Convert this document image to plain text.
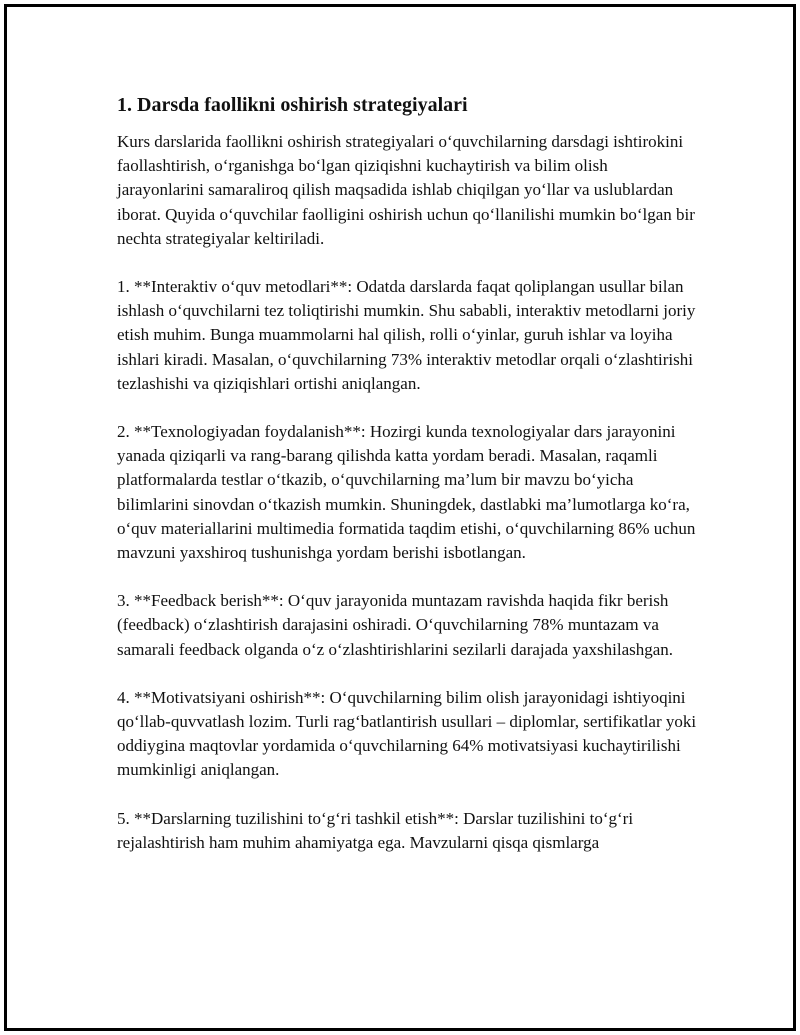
1. Darsda faollikni oshirish strategiyalari

Kurs darslarida faollikni oshirish strategiyalari o‘quvchilarning darsdagi ishtirokini faollashtirish, o‘rganishga bo‘lgan qiziqishni kuchaytirish va bilim olish jarayonlarini samaraliroq qilish maqsadida ishlab chiqilgan yo‘llar va uslublardan iborat. Quyida o‘quvchilar faolligini oshirish uchun qo‘llanilishi mumkin bo‘lgan bir nechta strategiyalar keltiriladi.

1. **Interaktiv o‘quv metodlari**: Odatda darslarda faqat qoliplangan usullar bilan ishlash o‘quvchilarni tez toliqtirishi mumkin. Shu sababli, interaktiv metodlarni joriy etish muhim. Bunga muammolarni hal qilish, rolli o‘yinlar, guruh ishlar va loyiha ishlari kiradi. Masalan, o‘quvchilarning 73% interaktiv metodlar orqali o‘zlashtirishi tezlashishi va qiziqishlari ortishi aniqlangan.

2. **Texnologiyadan foydalanish**: Hozirgi kunda texnologiyalar dars jarayonini yanada qiziqarli va rang-barang qilishda katta yordam beradi. Masalan, raqamli platformalarda testlar o‘tkazib, o‘quvchilarning ma’lum bir mavzu bo‘yicha bilimlarini sinovdan o‘tkazish mumkin. Shuningdek, dastlabki ma’lumotlarga ko‘ra, o‘quv materiallarini multimedia formatida taqdim etishi, o‘quvchilarning 86% uchun mavzuni yaxshiroq tushunishga yordam berishi isbotlangan.

3. **Feedback berish**: O‘quv jarayonida muntazam ravishda haqida fikr berish (feedback) o‘zlashtirish darajasini oshiradi. O‘quvchilarning 78% muntazam va samarali feedback olganda o‘z o‘zlashtirishlarini sezilarli darajada yaxshilashgan.

4. **Motivatsiyani oshirish**: O‘quvchilarning bilim olish jarayonidagi ishtiyoqini qo‘llab-quvvatlash lozim. Turli rag‘batlantirish usullari – diplomlar, sertifikatlar yoki oddiygina maqtovlar yordamida o‘quvchilarning 64% motivatsiyasi kuchaytirilishi mumkinligi aniqlangan.

5. **Darslarning tuzilishini to‘g‘ri tashkil etish**: Darslar tuzilishini to‘g‘ri rejalashtirish ham muhim ahamiyatga ega. Mavzularni qisqa qismlarga
